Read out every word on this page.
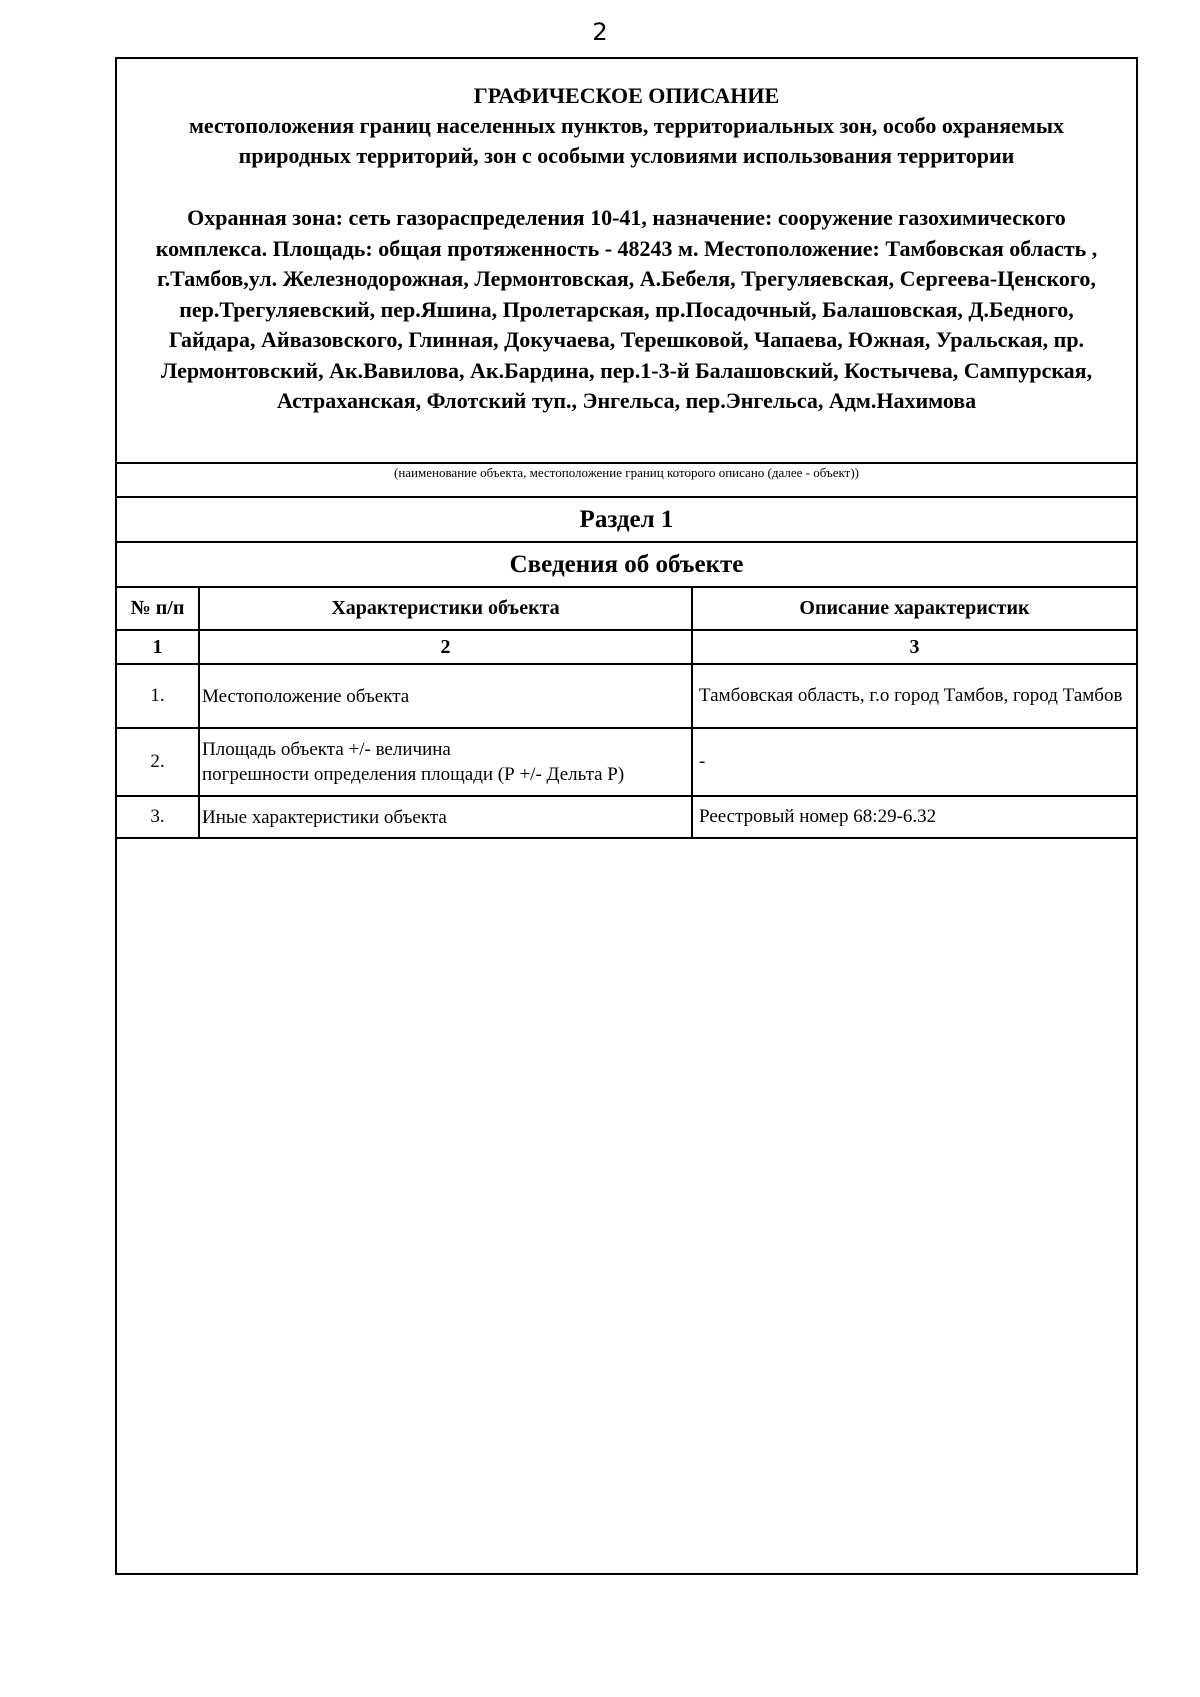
2
ГРАФИЧЕСКОЕ ОПИСАНИЕ
местоположения границ населенных пунктов, территориальных зон, особо охраняемых
природных территорий, зон с особыми условиями использования территории
Охранная зона: сеть газораспределения 10-41, назначение: сооружение газохимического комплекса. Площадь: общая протяженность - 48243 м. Местоположение: Тамбовская область , г.Тамбов,ул. Железнодорожная, Лермонтовская, А.Бебеля, Трегуляевская, Сергеева-Ценского, пер.Трегуляевский, пер.Яшина, Пролетарская, пр.Посадочный, Балашовская, Д.Бедного, Гайдара, Айвазовского, Глинная, Докучаева, Терешковой, Чапаева, Южная, Уральская, пр. Лермонтовский, Ак.Вавилова, Ак.Бардина, пер.1-3-й Балашовский, Костычева, Сампурская, Астраханская, Флотский туп., Энгельса, пер.Энгельса, Адм.Нахимова
(наименование объекта, местоположение границ которого описано (далее - объект))
Раздел 1
Сведения об объекте
№ п/п	Характеристики объекта	Описание характеристик
1	2	3
1.	Местоположение объекта	Тамбовская область, г.о город Тамбов, город Тамбов
2.	Площадь объекта +/- величина
погрешности определения площади (Р +/- Дельта Р)	-
3.	Иные характеристики объекта	Реестровый номер 68:29-6.32
